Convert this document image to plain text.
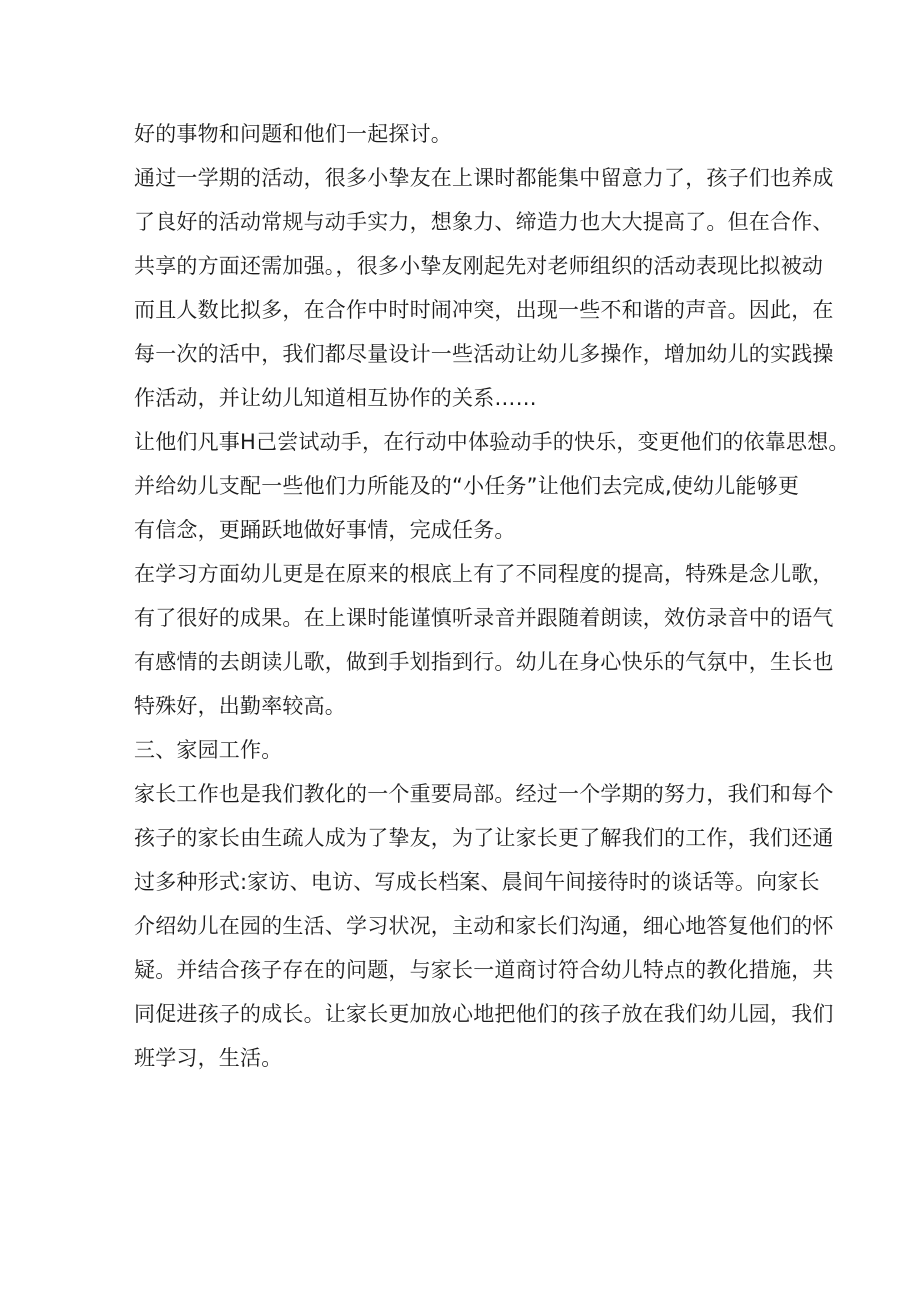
好的事物和问题和他们一起探讨。

通过一学期的活动，很多小挚友在上课时都能集中留意力了，孩子们也养成
了良好的活动常规与动手实力，想象力、缔造力也大大提高了。但在合作、
共享的方面还需加强。，很多小挚友刚起先对老师组织的活动表现比拟被动
而且人数比拟多，在合作中时时闹冲突，出现一些不和谐的声音。因此，在
每一次的活中，我们都尽量设计一些活动让幼儿多操作，增加幼儿的实践操
作活动，并让幼儿知道相互协作的关系……

让他们凡事H己尝试动手，在行动中体验动手的快乐，变更他们的依靠思想。
并给幼儿支配一些他们力所能及的“小任务”让他们去完成,使幼儿能够更
有信念，更踊跃地做好事情，完成任务。

在学习方面幼儿更是在原来的根底上有了不同程度的提高，特殊是念儿歌，
有了很好的成果。在上课时能谨慎听录音并跟随着朗读，效仿录音中的语气
有感情的去朗读儿歌，做到手划指到行。幼儿在身心快乐的气氛中，生长也
特殊好，出勤率较高。

三、家园工作。

家长工作也是我们教化的一个重要局部。经过一个学期的努力，我们和每个
孩子的家长由生疏人成为了挚友，为了让家长更了解我们的工作，我们还通
过多种形式:家访、电访、写成长档案、晨间午间接待时的谈话等。向家长
介绍幼儿在园的生活、学习状况，主动和家长们沟通，细心地答复他们的怀
疑。并结合孩子存在的问题，与家长一道商讨符合幼儿特点的教化措施，共
同促进孩子的成长。让家长更加放心地把他们的孩子放在我们幼儿园，我们
班学习，生活。
